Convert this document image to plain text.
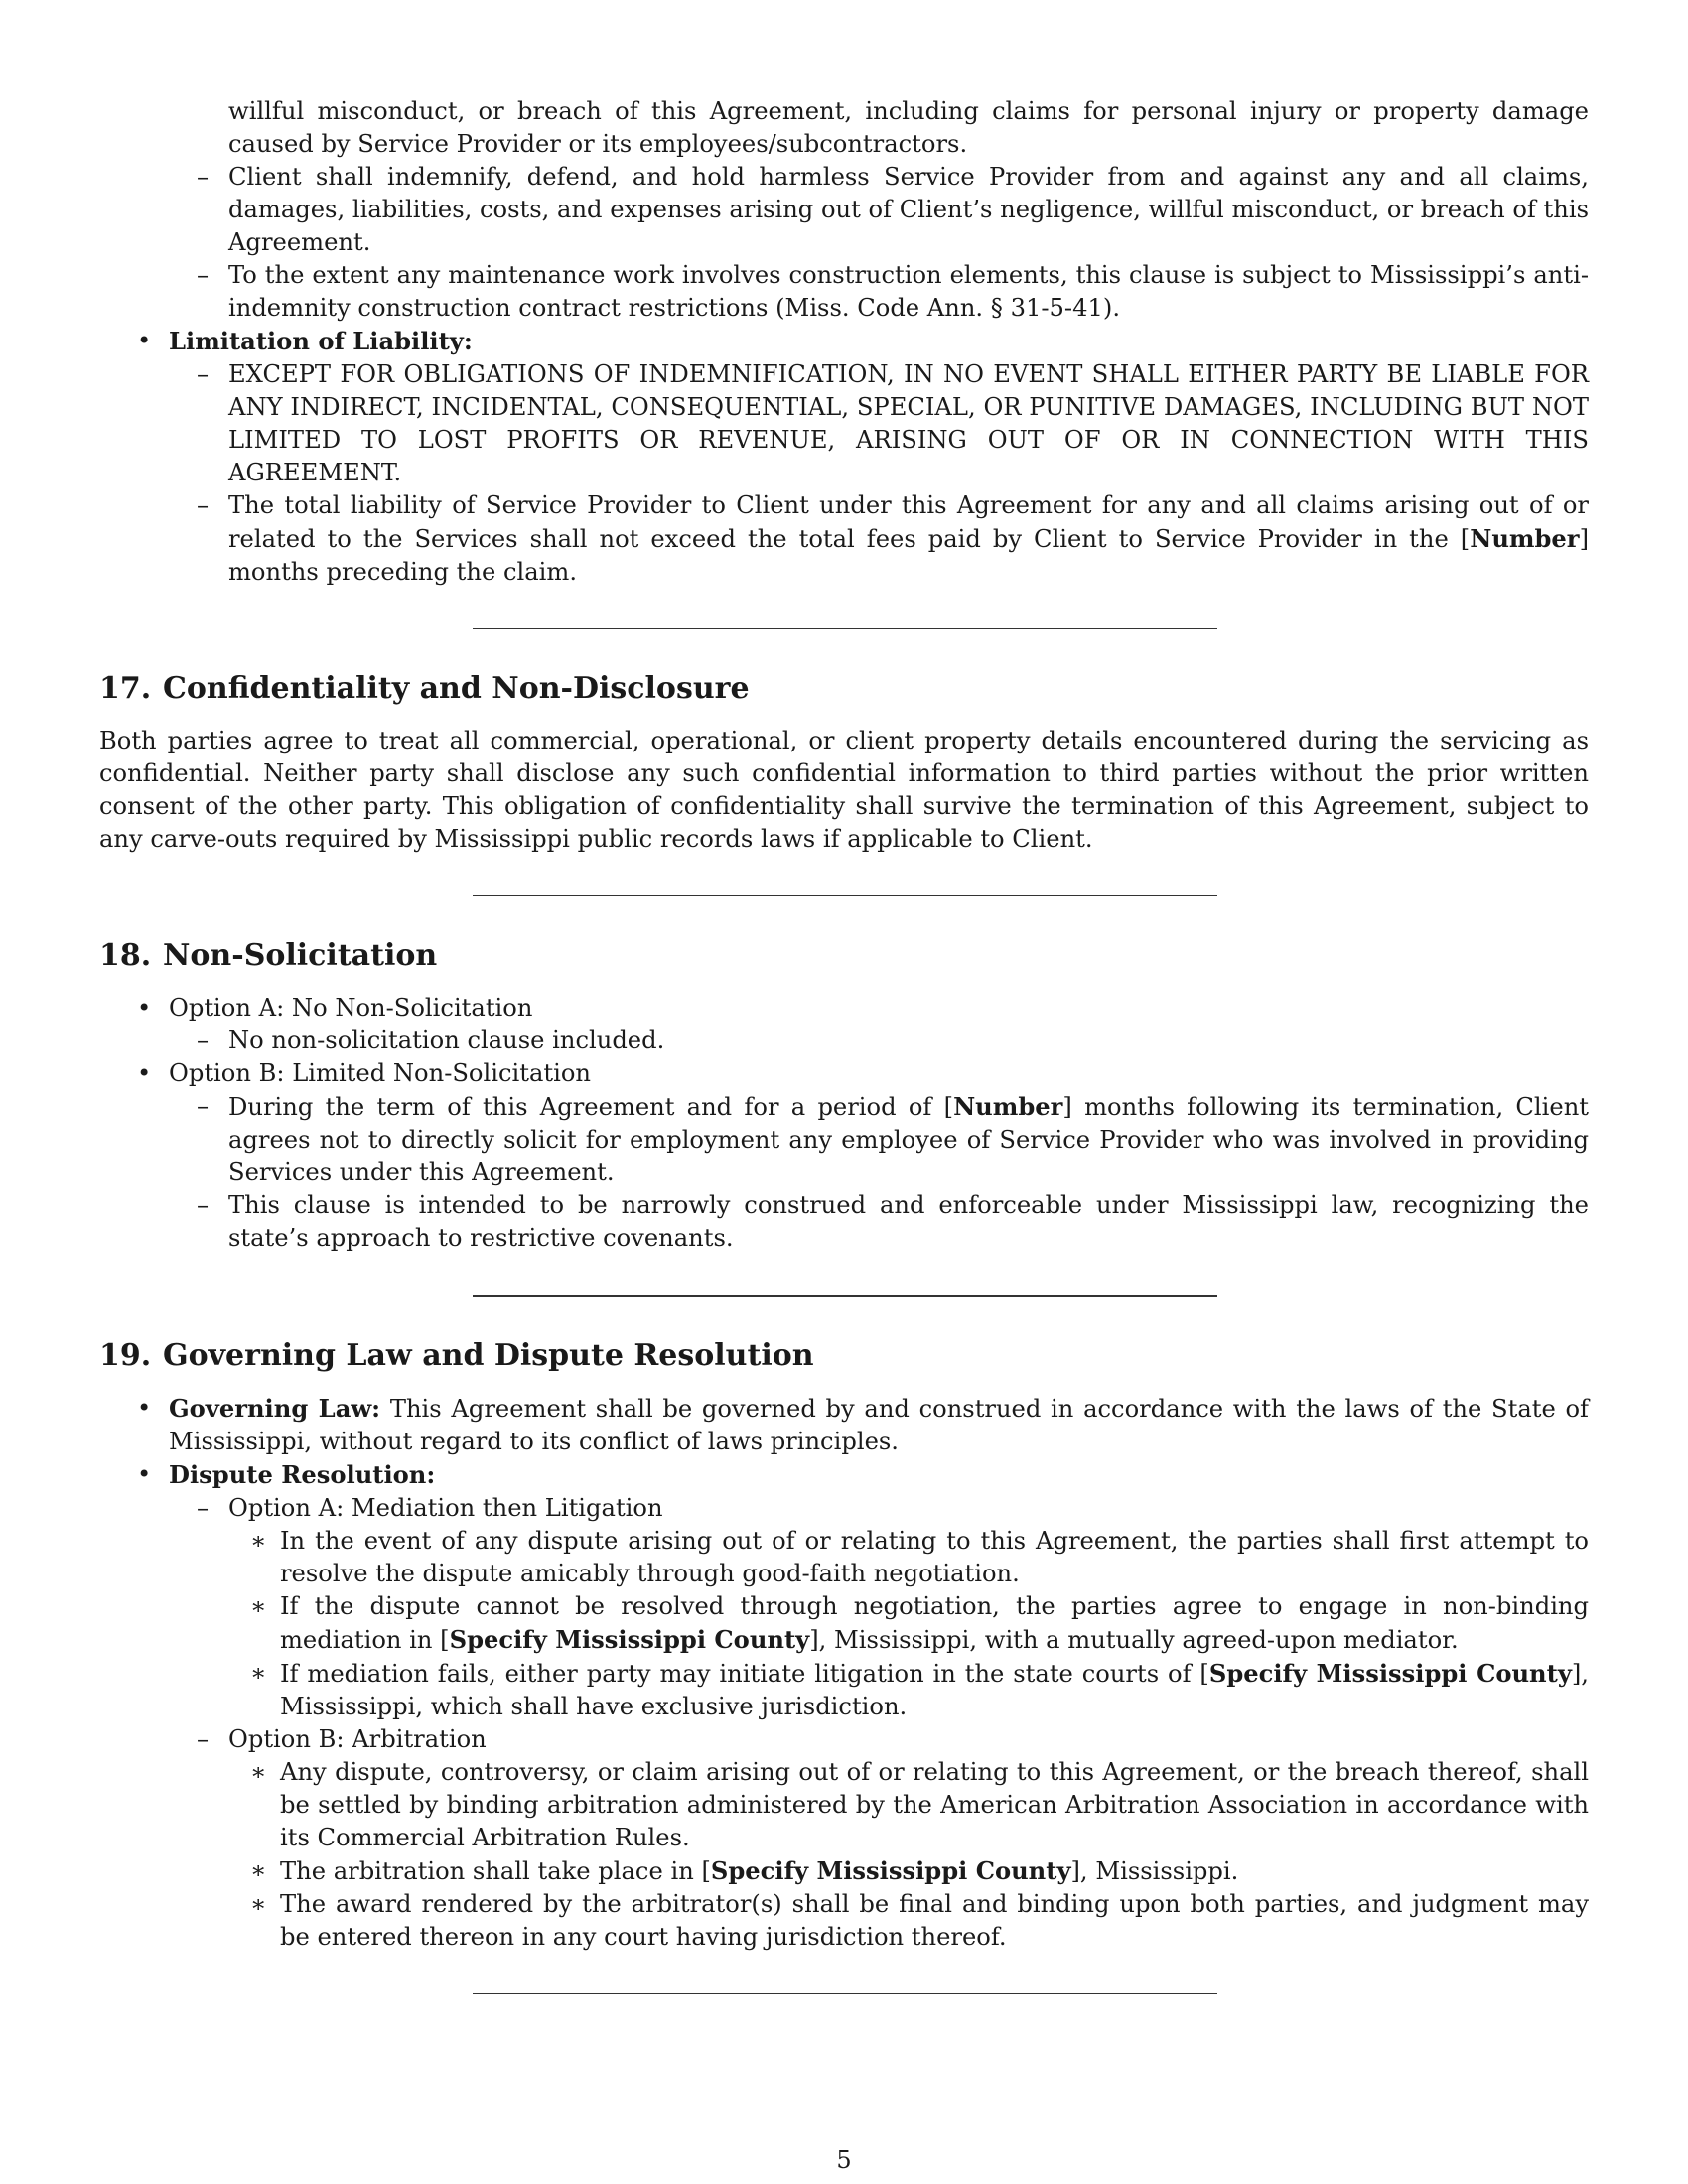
willful misconduct, or breach of this Agreement, including claims for personal injury or property damage caused by Service Provider or its employees/subcontractors.

– Client shall indemnify, defend, and hold harmless Service Provider from and against any and all claims, damages, liabilities, costs, and expenses arising out of Client’s negligence, willful misconduct, or breach of this Agreement.
– To the extent any maintenance work involves construction elements, this clause is subject to Mississippi’s anti-indemnity construction contract restrictions (Miss. Code Ann. § 31-5-41).
• Limitation of Liability:
– EXCEPT FOR OBLIGATIONS OF INDEMNIFICATION, IN NO EVENT SHALL EITHER PARTY BE LIABLE FOR ANY INDIRECT, INCIDENTAL, CONSEQUENTIAL, SPECIAL, OR PUNITIVE DAMAGES, INCLUDING BUT NOT LIMITED TO LOST PROFITS OR REVENUE, ARISING OUT OF OR IN CONNECTION WITH THIS AGREEMENT.
– The total liability of Service Provider to Client under this Agreement for any and all claims arising out of or related to the Services shall not exceed the total fees paid by Client to Service Provider in the [Number] months preceding the claim.
17. Confidentiality and Non-Disclosure

Both parties agree to treat all commercial, operational, or client property details encountered during the servicing as confidential. Neither party shall disclose any such confidential information to third parties without the prior written consent of the other party. This obligation of confidentiality shall survive the termination of this Agreement, subject to any carve-outs required by Mississippi public records laws if applicable to Client.

18. Non-Solicitation
• Option A: No Non-Solicitation
– No non-solicitation clause included.
• Option B: Limited Non-Solicitation
– During the term of this Agreement and for a period of [Number] months following its termination, Client agrees not to directly solicit for employment any employee of Service Provider who was involved in providing Services under this Agreement.
– This clause is intended to be narrowly construed and enforceable under Mississippi law, recognizing the state’s approach to restrictive covenants.
19. Governing Law and Dispute Resolution
• Governing Law: This Agreement shall be governed by and construed in accordance with the laws of the State of Mississippi, without regard to its conflict of laws principles.
• Dispute Resolution:
– Option A: Mediation then Litigation
∗ In the event of any dispute arising out of or relating to this Agreement, the parties shall first attempt to resolve the dispute amicably through good-faith negotiation.
∗ If the dispute cannot be resolved through negotiation, the parties agree to engage in non-binding mediation in [Specify Mississippi County], Mississippi, with a mutually agreed-upon mediator.
∗ If mediation fails, either party may initiate litigation in the state courts of [Specify Mississippi County], Mississippi, which shall have exclusive jurisdiction.
– Option B: Arbitration
∗ Any dispute, controversy, or claim arising out of or relating to this Agreement, or the breach thereof, shall be settled by binding arbitration administered by the American Arbitration Association in accordance with its Commercial Arbitration Rules.
∗ The arbitration shall take place in [Specify Mississippi County], Mississippi.
∗ The award rendered by the arbitrator(s) shall be final and binding upon both parties, and judgment may be entered thereon in any court having jurisdiction thereof.
5
